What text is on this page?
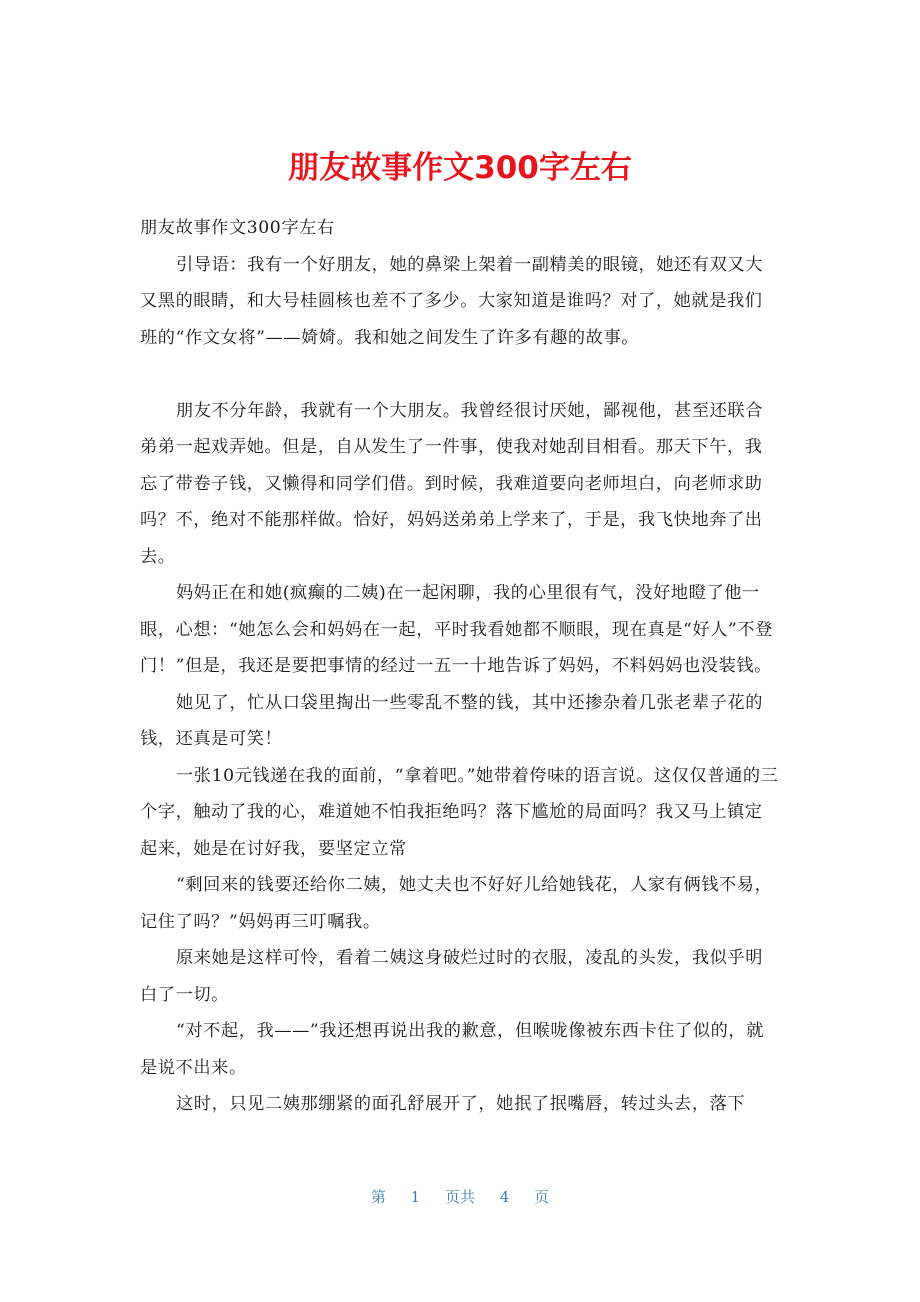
朋友故事作文300字左右

朋友故事作文300字左右

引导语：我有一个好朋友，她的鼻梁上架着一副精美的眼镜，她还有双又大又黑的眼睛，和大号桂圆核也差不了多少。大家知道是谁吗？对了，她就是我们班的“作文女将”——婍婍。我和她之间发生了许多有趣的故事。

朋友不分年龄，我就有一个大朋友。我曾经很讨厌她，鄙视他，甚至还联合弟弟一起戏弄她。但是，自从发生了一件事，使我对她刮目相看。那天下午，我忘了带卷子钱，又懒得和同学们借。到时候，我难道要向老师坦白，向老师求助吗？不，绝对不能那样做。恰好，妈妈送弟弟上学来了，于是，我飞快地奔了出去。

妈妈正在和她(疯癫的二姨)在一起闲聊，我的心里很有气，没好地瞪了他一眼，心想：“她怎么会和妈妈在一起，平时我看她都不顺眼，现在真是“好人”不登门！”但是，我还是要把事情的经过一五一十地告诉了妈妈，不料妈妈也没装钱。

她见了，忙从口袋里掏出一些零乱不整的钱，其中还掺杂着几张老辈子花的钱，还真是可笑！

一张10元钱递在我的面前，“拿着吧。”她带着侉味的语言说。这仅仅普通的三个字，触动了我的心，难道她不怕我拒绝吗？落下尴尬的局面吗？我又马上镇定起来，她是在讨好我，要坚定立常

“剩回来的钱要还给你二姨，她丈夫也不好好儿给她钱花，人家有俩钱不易，记住了吗？”妈妈再三叮嘱我。

原来她是这样可怜，看着二姨这身破烂过时的衣服，凌乱的头发，我似乎明白了一切。

“对不起，我——”我还想再说出我的歉意，但喉咙像被东西卡住了似的，就是说不出来。

这时，只见二姨那绷紧的面孔舒展开了，她抿了抿嘴唇，转过头去，落下

第 1 页共 4 页
